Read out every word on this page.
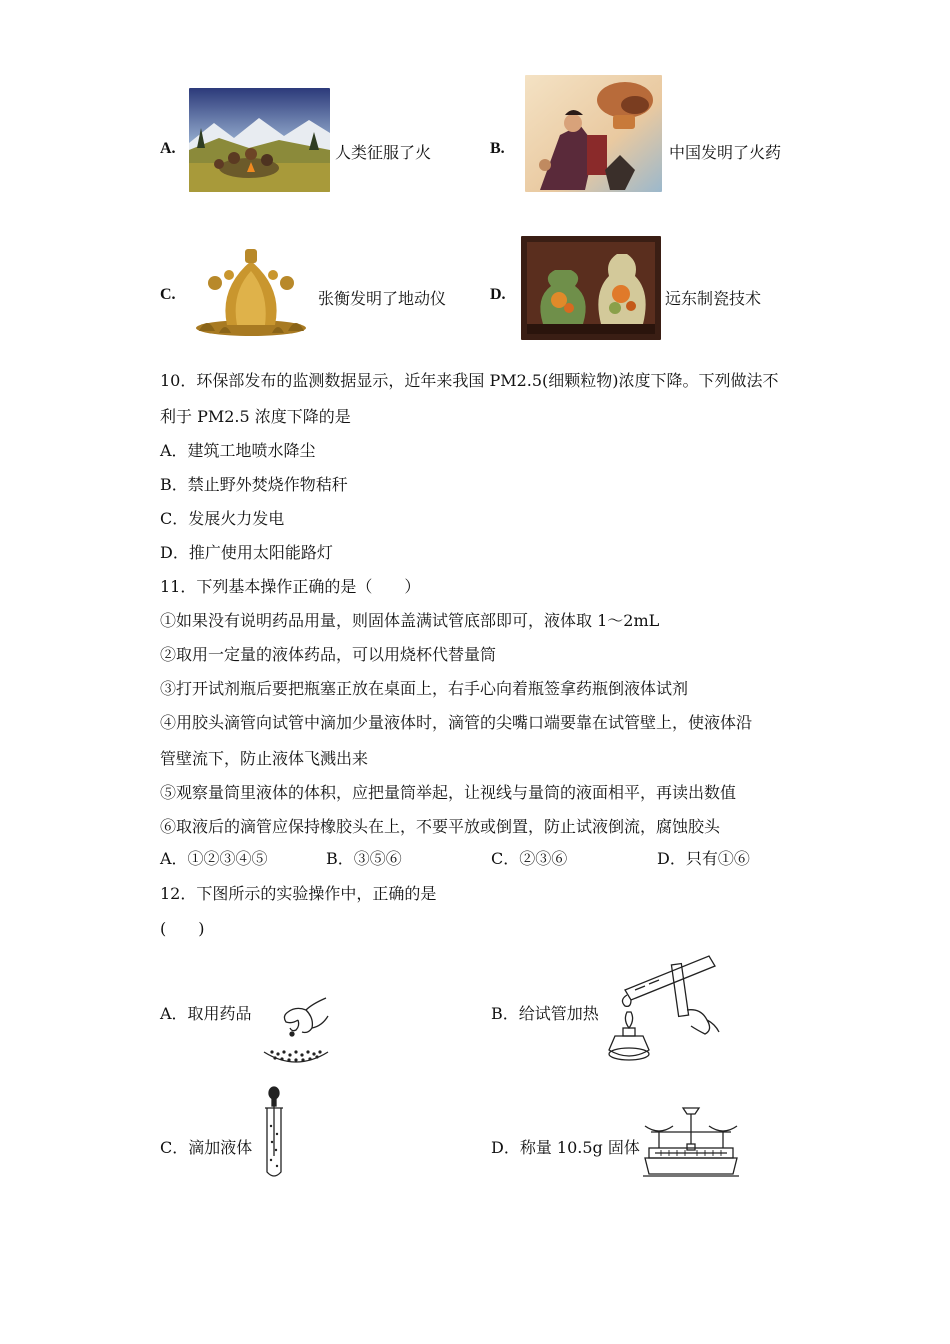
A.	人类征服了火	B.	中国发明了火药
C.	张衡发明了地动仪	D.	远东制瓷技术
10．环保部发布的监测数据显示，近年来我国 PM2.5(细颗粒物)浓度下降。下列做法不
利于 PM2.5 浓度下降的是
A．建筑工地喷水降尘
B．禁止野外焚烧作物秸秆
C．发展火力发电
D．推广使用太阳能路灯
11．下列基本操作正确的是（　　）
①如果没有说明药品用量，则固体盖满试管底部即可，液体取 1～2mL
②取用一定量的液体药品，可以用烧杯代替量筒
③打开试剂瓶后要把瓶塞正放在桌面上，右手心向着瓶签拿药瓶倒液体试剂
④用胶头滴管向试管中滴加少量液体时，滴管的尖嘴口端要靠在试管壁上，使液体沿
管壁流下，防止液体飞溅出来
⑤观察量筒里液体的体积，应把量筒举起，让视线与量筒的液面相平，再读出数值
⑥取液后的滴管应保持橡胶头在上，不要平放或倒置，防止试液倒流，腐蚀胶头
A．①②③④⑤	B．③⑤⑥	C．②③⑥	D．只有①⑥
12．下图所示的实验操作中，正确的是
(　　)
A．取用药品	B．给试管加热
C．滴加液体	D．称量 10.5g 固体
